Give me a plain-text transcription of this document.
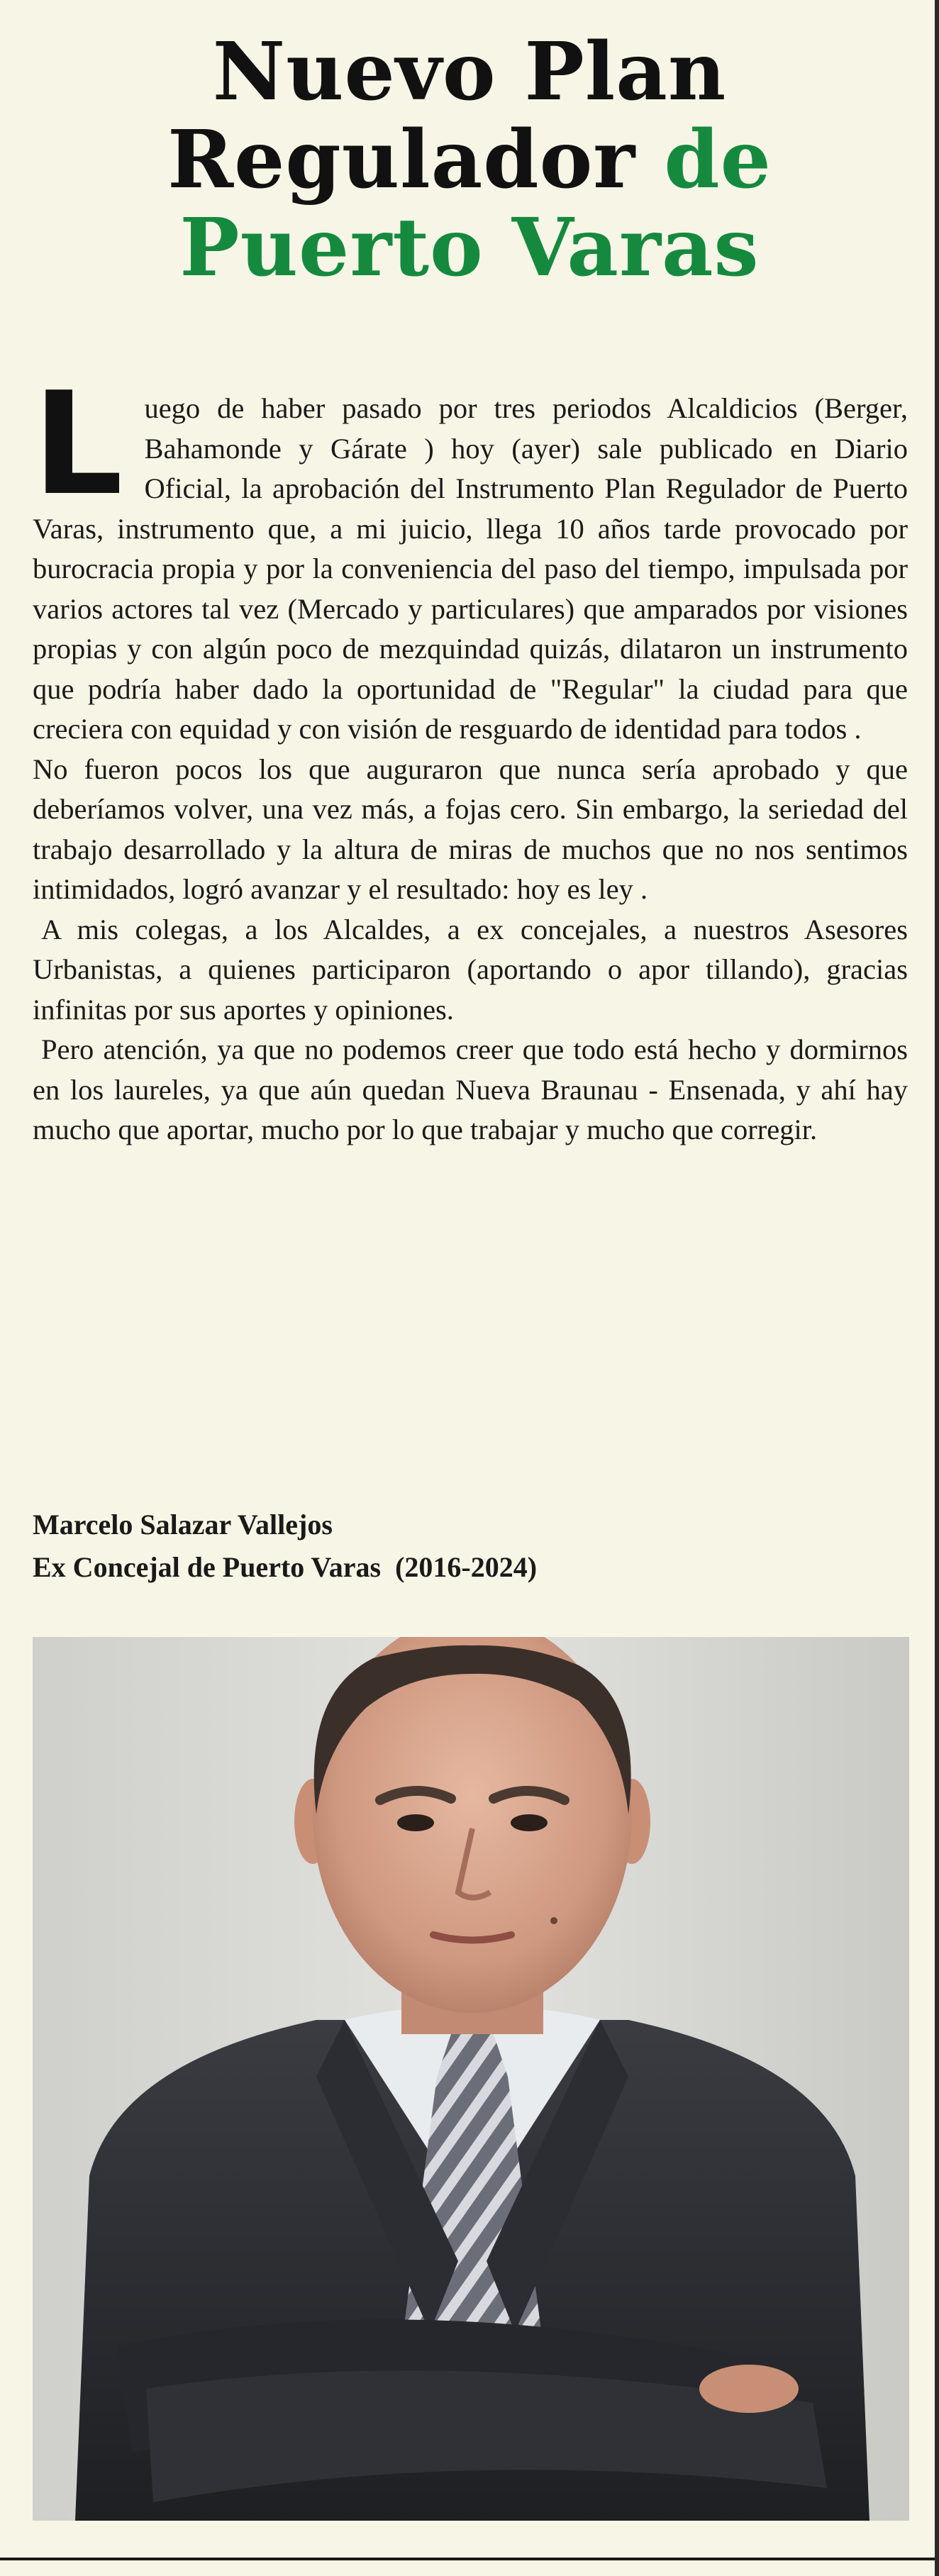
Nuevo Plan
Regulador de
Puerto Varas

Luego de haber pasado por tres periodos Alcaldicios (Berger, Bahamonde y Gárate ) hoy (ayer) sale publicado en Diario Oficial, la aprobación del Instrumento Plan Regulador de Puerto Varas, instrumento que, a mi juicio, llega 10 años tarde provocado por burocracia propia y por la conveniencia del paso del tiempo, impulsada por varios actores tal vez (Mercado y particulares) que amparados por visiones propias y con algún poco de mezquindad quizás, dilataron un instrumento que podría haber dado la oportunidad de "Regular" la ciudad para que creciera con equidad y con visión de resguardo de identidad para todos .

No fueron pocos los que auguraron que nunca sería aprobado y que deberíamos volver, una vez más, a fojas cero. Sin embargo, la seriedad del trabajo desarrollado y la altura de miras de muchos que no nos sentimos intimidados, logró avanzar y el resultado: hoy es ley .

A mis colegas, a los Alcaldes, a ex concejales, a nuestros Asesores Urbanistas, a quienes participaron (aportando o apor tillando), gracias infinitas por sus aportes y opiniones.

Pero atención, ya que no podemos creer que todo está hecho y dormirnos en los laureles, ya que aún quedan Nueva Braunau - Ensenada, y ahí hay mucho que aportar, mucho por lo que trabajar y mucho que corregir.

Marcelo Salazar Vallejos
Ex Concejal de Puerto Varas  (2016-2024)
